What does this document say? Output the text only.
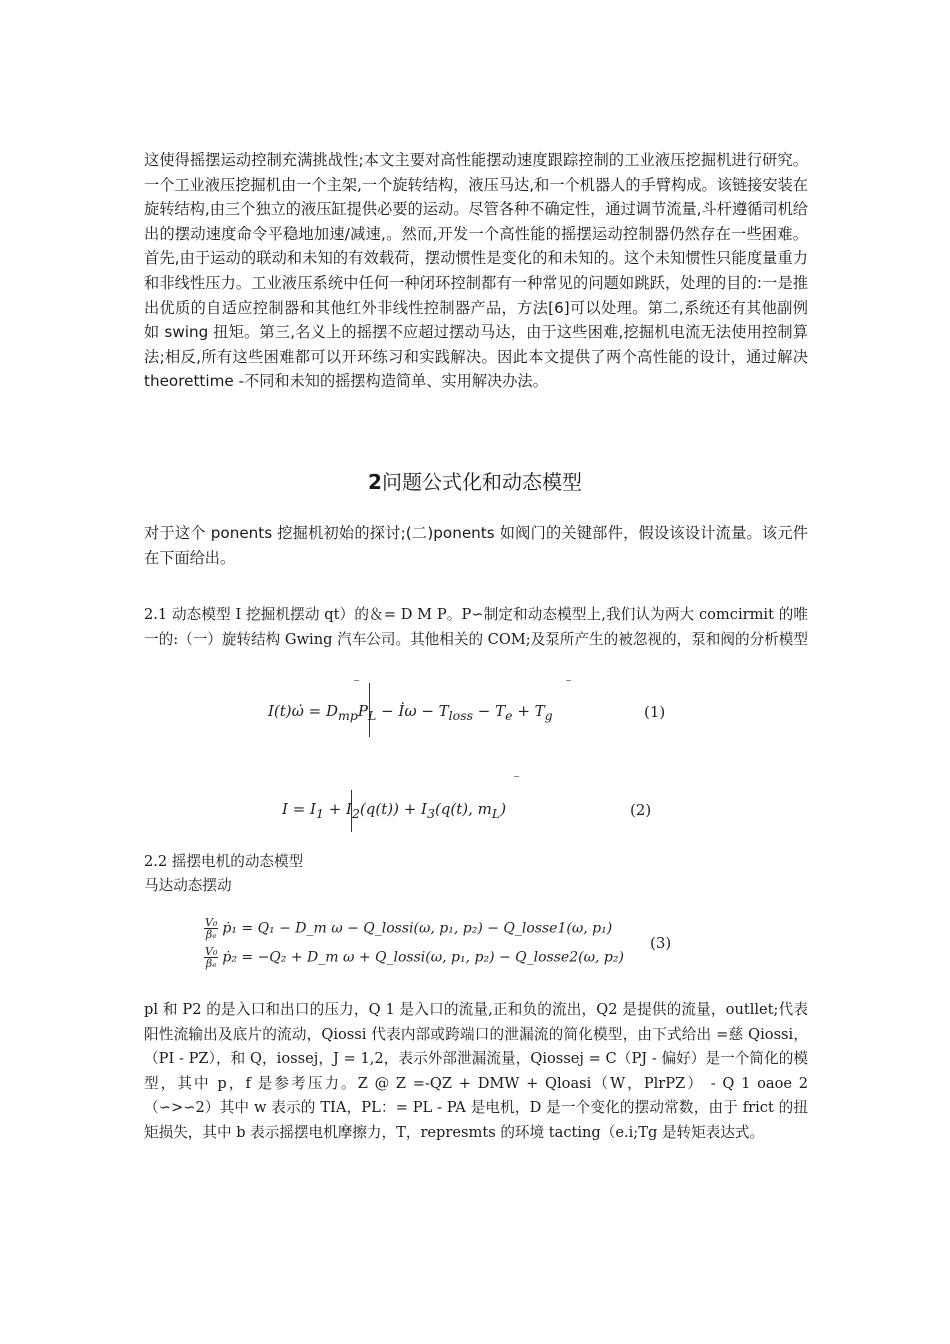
这使得摇摆运动控制充满挑战性;本文主要对高性能摆动速度跟踪控制的工业液压挖掘机进行研究。一个工业液压挖掘机由一个主架,一个旋转结构，液压马达,和一个机器人的手臂构成。该链接安装在旋转结构,由三个独立的液压缸提供必要的运动。尽管各种不确定性，通过调节流量,斗杆遵循司机给出的摆动速度命令平稳地加速/减速,。然而,开发一个高性能的摇摆运动控制器仍然存在一些困难。首先,由于运动的联动和未知的有效载荷，摆动惯性是变化的和未知的。这个未知惯性只能度量重力和非线性压力。工业液压系统中任何一种闭环控制都有一种常见的问题如跳跃，处理的目的:一是推出优质的自适应控制器和其他红外非线性控制器产品，方法[6]可以处理。第二,系统还有其他副例如 swing 扭矩。第三,名义上的摇摆不应超过摆动马达，由于这些困难,挖掘机电流无法使用控制算法;相反,所有这些困难都可以开环练习和实践解决。因此本文提供了两个高性能的设计，通过解决 theorettime -不同和未知的摇摆构造简单、实用解决办法。

2问题公式化和动态模型

对于这个 ponents 挖掘机初始的探讨;(二)ponents 如阀门的关键部件，假设该设计流量。该元件在下面给出。

2.1 动态模型 I 挖掘机摆动 qt）的＆= D M P。P∽制定和动态模型上,我们认为两大 comcirmit 的唯一的:（一）旋转结构 Gwing 汽车公司。其他相关的 COM;及泵所产生的被忽视的，泵和阀的分析模型

I(t)ω̇ = $D_{mp}P_L$ − İω − $T_{loss} - T_e + T_g$	(1)
$I = I_1 + I_2(q(t)) + I_3(q(t)$, $m_L$)	(2)
2.2 摇摆电机的动态模型
马达动态摆动
$\frac{\text{V₀}}{\text{βₑ}}$ ṗ₁ = Q₁ − D_m ω − Q_lossi(ω, p₁, p₂) − Q_losse1(ω, p₁)
$\frac{\text{V₀}}{\text{βₑ}}$ ṗ₂ = −Q₂ + D_m ω + Q_lossi(ω, p₁, p₂) − Q_losse2(ω, p₂)
(3)

pl 和 P2 的是入口和出口的压力，Q 1 是入口的流量,正和负的流出，Q2 是提供的流量，outllet;代表阳性流输出及底片的流动，Qiossi 代表内部或跨端口的泄漏流的简化模型，由下式给出 =慈 Qiossi，（PI - PZ），和 Q，iossej，J = 1,2，表示外部泄漏流量，Qiossej = C（PJ - 偏好）是一个简化的模型，其中 p，f 是参考压力。Z @ Z =-QZ + DMW + Qloasi（W，PlrPZ） - Q 1 oaoe 2（∽>∽2）其中 w 表示的 TIA，PL：= PL - PA 是电机，D 是一个变化的摆动常数，由于 frict 的扭矩损失，其中 b 表示摇摆电机摩擦力，T，represmts 的环境 tacting（e.i;Tg 是转矩表达式。
